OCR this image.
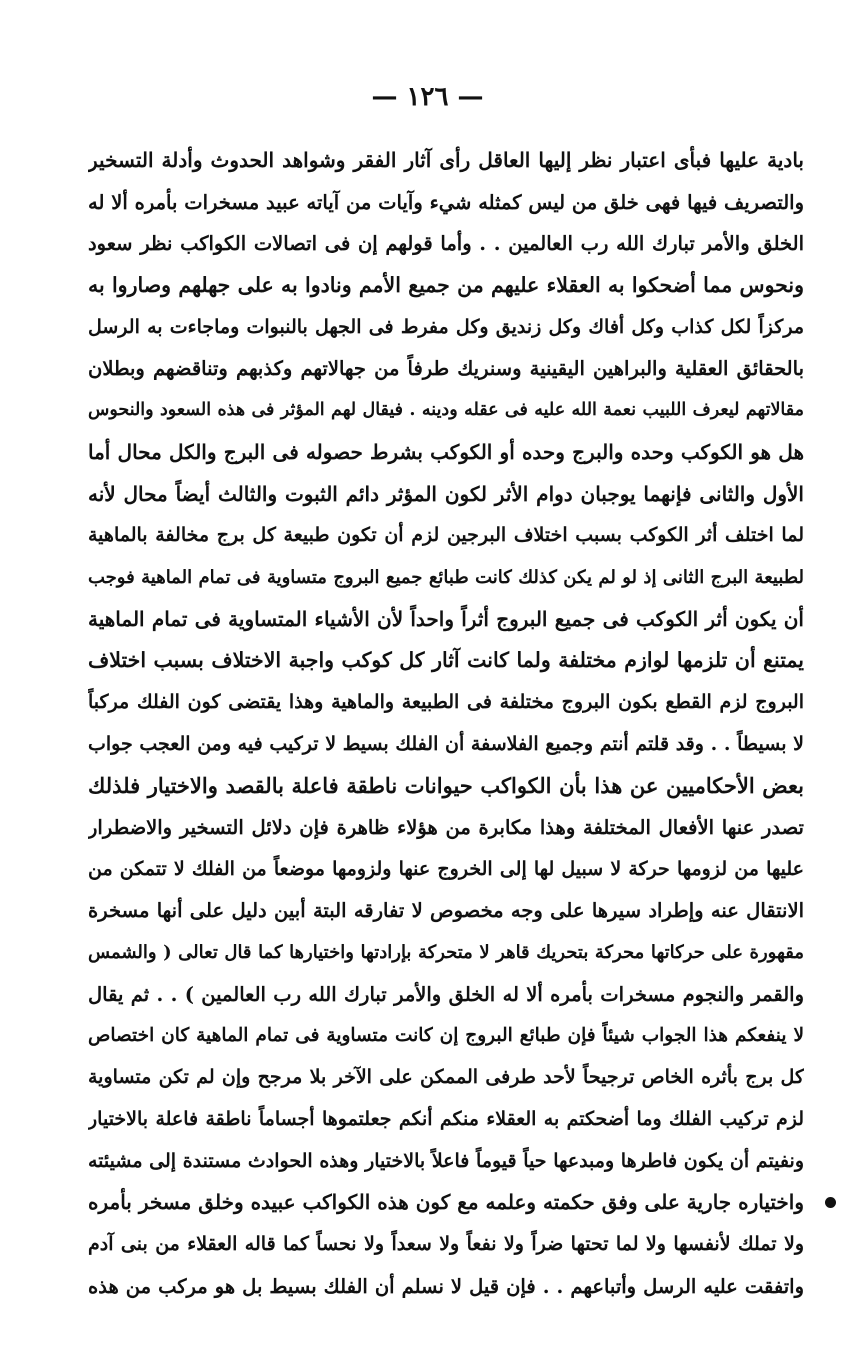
— ١٢٦ —
بادية عليها فبأى اعتبار نظر إليها العاقل رأى آثار الفقر وشواهد الحدوث وأدلة التسخير
والتصريف فيها فهى خلق من ليس كمثله شيء وآيات من آياته عبيد مسخرات بأمره ألا له
الخلق والأمر تبارك الله رب العالمين . . وأما قولهم إن فى اتصالات الكواكب نظر سعود
ونحوس مما أضحكوا به العقلاء عليهم من جميع الأمم ونادوا به على جهلهم وصاروا به
مركزاً لكل كذاب وكل أفاك وكل زنديق وكل مفرط فى الجهل بالنبوات وماجاءت به الرسل
بالحقائق العقلية والبراهين اليقينية وسنريك طرفاً من جهالاتهم وكذبهم وتناقضهم وبطلان
مقالاتهم ليعرف اللبيب نعمة الله عليه فى عقله ودينه . فيقال لهم المؤثر فى هذه السعود والنحوس
هل هو الكوكب وحده والبرج وحده أو الكوكب بشرط حصوله فى البرج والكل محال أما
الأول والثانى فإنهما يوجبان دوام الأثر لكون المؤثر دائم الثبوت والثالث أيضاً محال لأنه
لما اختلف أثر الكوكب بسبب اختلاف البرجين لزم أن تكون طبيعة كل برج مخالفة بالماهية
لطبيعة البرج الثانى إذ لو لم يكن كذلك كانت طبائع جميع البروج متساوية فى تمام الماهية فوجب
أن يكون أثر الكوكب فى جميع البروج أثراً واحداً لأن الأشياء المتساوية فى تمام الماهية
يمتنع أن تلزمها لوازم مختلفة ولما كانت آثار كل كوكب واجبة الاختلاف بسبب اختلاف
البروج لزم القطع بكون البروج مختلفة فى الطبيعة والماهية وهذا يقتضى كون الفلك مركباً
لا بسيطاً . . وقد قلتم أنتم وجميع الفلاسفة أن الفلك بسيط لا تركيب فيه ومن العجب جواب
بعض الأحكاميين عن هذا بأن الكواكب حيوانات ناطقة فاعلة بالقصد والاختيار فلذلك
تصدر عنها الأفعال المختلفة وهذا مكابرة من هؤلاء ظاهرة فإن دلائل التسخير والاضطرار
عليها من لزومها حركة لا سبيل لها إلى الخروج عنها ولزومها موضعاً من الفلك لا تتمكن من
الانتقال عنه وإطراد سيرها على وجه مخصوص لا تفارقه البتة أبين دليل على أنها مسخرة
مقهورة على حركاتها محركة بتحريك قاهر لا متحركة بإرادتها واختيارها كما قال تعالى ( والشمس
والقمر والنجوم مسخرات بأمره ألا له الخلق والأمر تبارك الله رب العالمين ) . . ثم يقال
لا ينفعكم هذا الجواب شيئاً فإن طبائع البروج إن كانت متساوية فى تمام الماهية كان اختصاص
كل برج بأثره الخاص ترجيحاً لأحد طرفى الممكن على الآخر بلا مرجح وإن لم تكن متساوية
لزم تركيب الفلك وما أضحكتم به العقلاء منكم أنكم جعلتموها أجساماً ناطقة فاعلة بالاختيار
ونفيتم أن يكون فاطرها ومبدعها حياً قيوماً فاعلاً بالاختيار وهذه الحوادث مستندة إلى مشيئته
واختياره جارية على وفق حكمته وعلمه مع كون هذه الكواكب عبيده وخلق مسخر بأمره
ولا تملك لأنفسها ولا لما تحتها ضراً ولا نفعاً ولا سعداً ولا نحساً كما قاله العقلاء من بنى آدم
واتفقت عليه الرسل وأتباعهم . . فإن قيل لا نسلم أن الفلك بسيط بل هو مركب من هذه
